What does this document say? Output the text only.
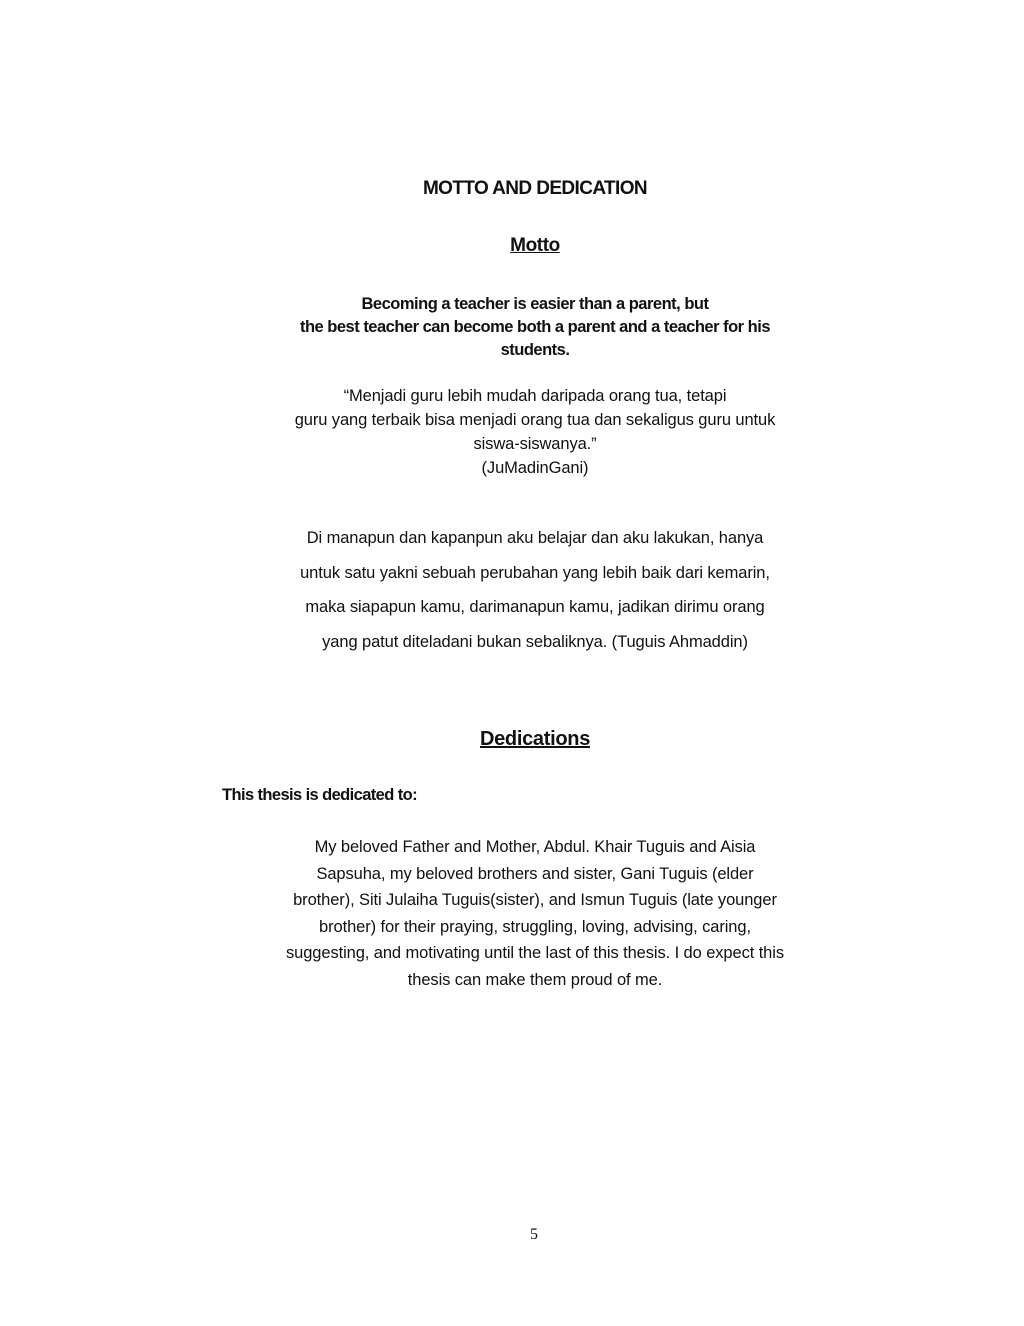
MOTTO AND DEDICATION
Motto
Becoming a teacher is easier than a parent, but
the best teacher can become both a parent and a teacher for his
students.
“Menjadi guru lebih mudah daripada orang tua, tetapi
guru yang terbaik bisa menjadi orang tua dan sekaligus guru untuk
siswa-siswanya.”
(JuMadinGani)
Di manapun dan kapanpun aku belajar dan aku lakukan, hanya
untuk satu yakni sebuah perubahan yang lebih baik dari kemarin,
maka siapapun kamu, darimanapun kamu, jadikan dirimu orang
yang patut diteladani bukan sebaliknya. (Tuguis Ahmaddin)
Dedications
This thesis is dedicated to:
My beloved Father and Mother, Abdul. Khair Tuguis and Aisia
Sapsuha, my beloved brothers and sister, Gani Tuguis (elder
brother), Siti Julaiha Tuguis(sister), and Ismun Tuguis (late younger
brother) for their praying, struggling, loving, advising, caring,
suggesting, and motivating until the last of this thesis. I do expect this
thesis can make them proud of me.
5
